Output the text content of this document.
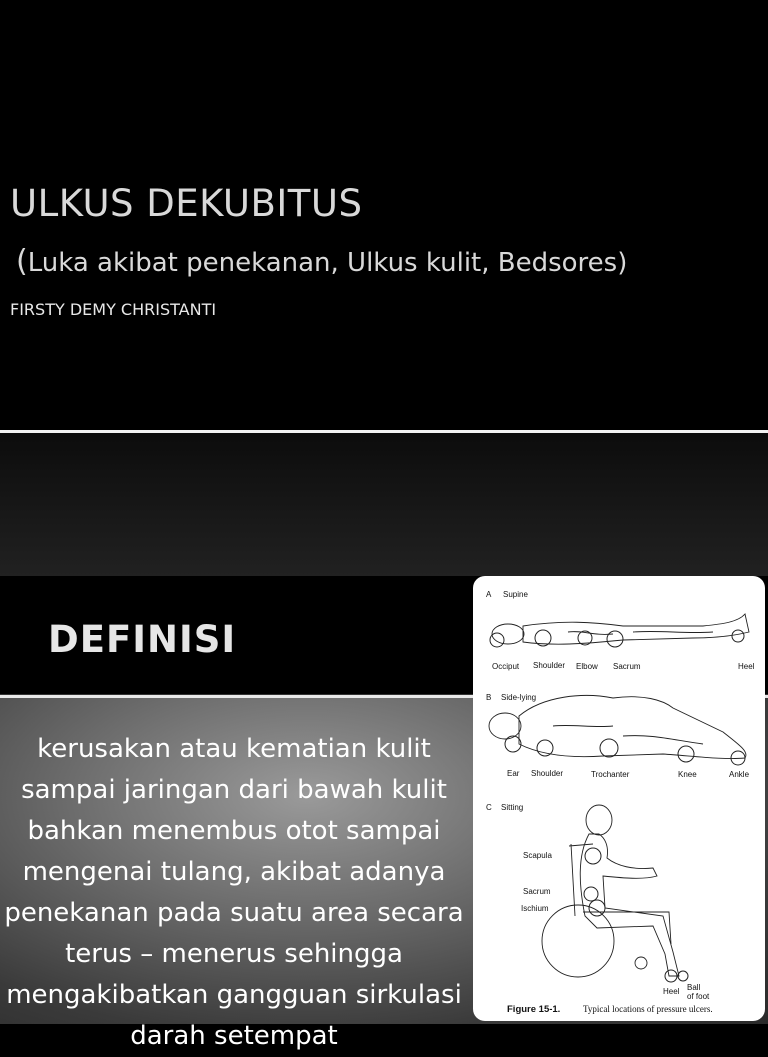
ULKUS DEKUBITUS
(Luka akibat penekanan, Ulkus kulit, Bedsores)
FIRSTY DEMY CHRISTANTI
DEFINISI

kerusakan atau kematian kulit sampai jaringan dari bawah kulit bahkan menembus otot sampai mengenai tulang, akibat adanya penekanan pada suatu area secara terus – menerus sehingga mengakibatkan gangguan sirkulasi darah setempat

A Supine
Occiput Shoulder Elbow Sacrum	Heel
B Side-lying
Ear Shoulder	Trochanter	Knee	Ankle
C Sitting
Scapula
Sacrum
Ischium
Heel Ball
of foot
Figure 15-1.	Typical locations of pressure ulcers.
